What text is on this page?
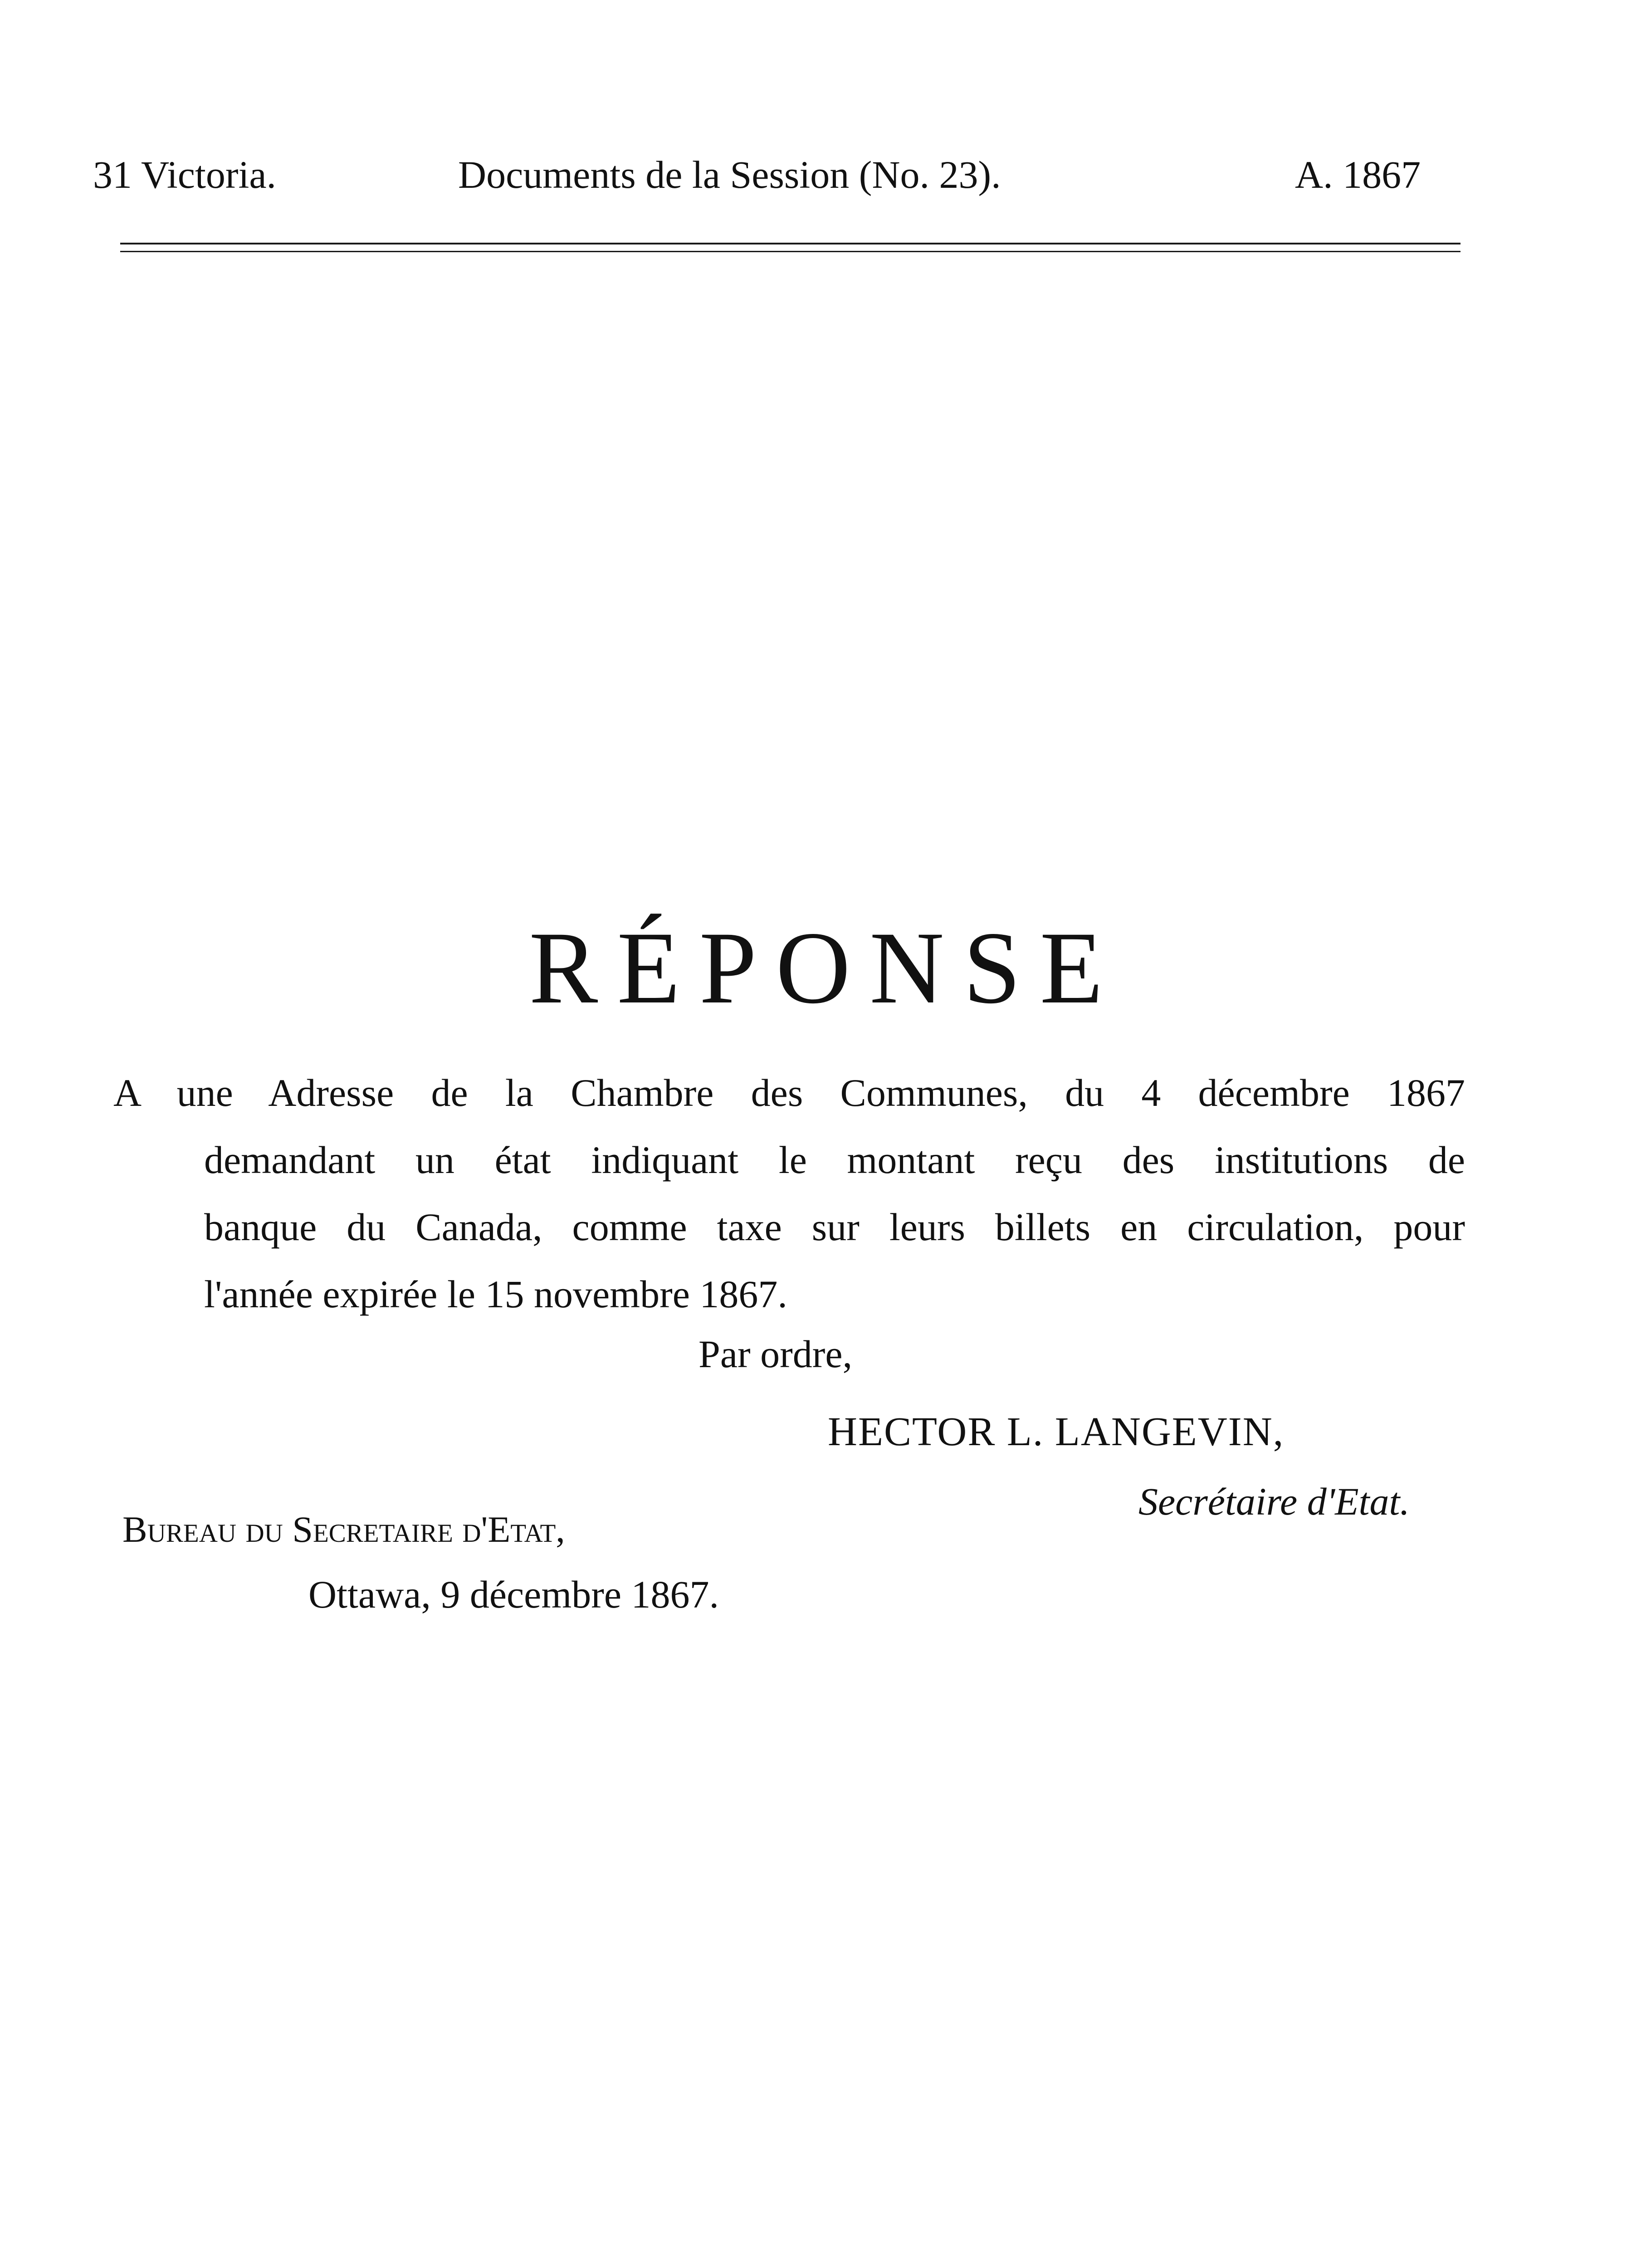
31 Victoria.	Documents de la Session (No. 23).	A. 1867
RÉPONSE
A une Adresse de la Chambre des Communes, du 4 décembre 1867
demandant un état indiquant le montant reçu des institutions de
banque du Canada, comme taxe sur leurs billets en circulation, pour
l'année expirée le 15 novembre 1867.
Par ordre,
HECTOR L. LANGEVIN,
Secrétaire d'Etat.
Bureau du Secretaire d'Etat,
Ottawa, 9 décembre 1867.
